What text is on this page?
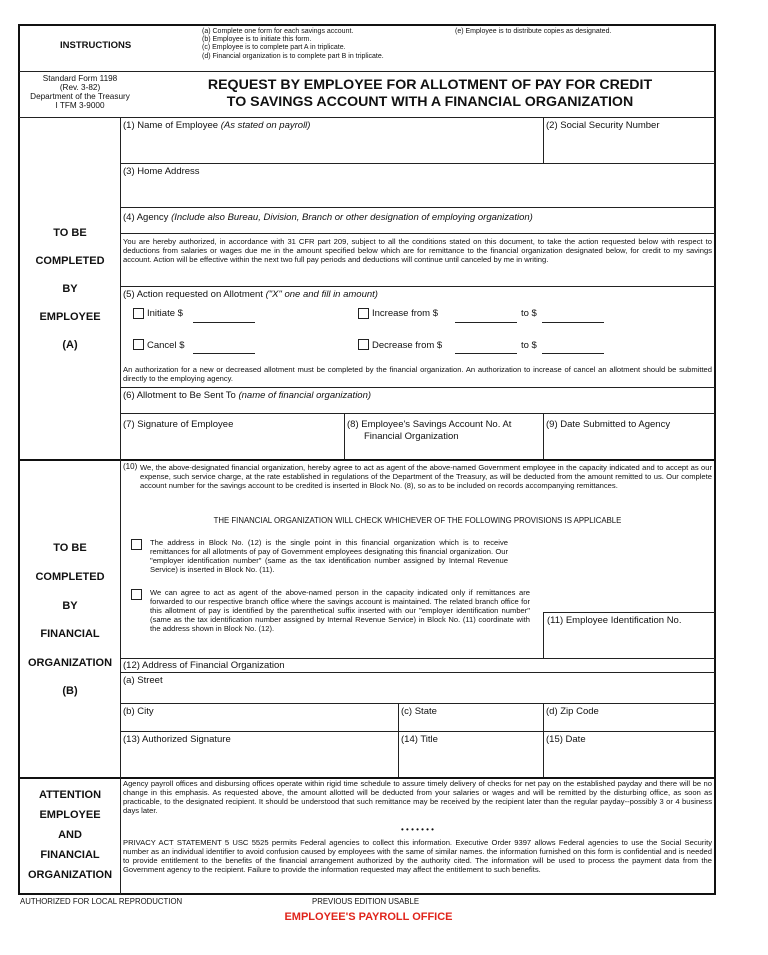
INSTRUCTIONS
(a) Complete one form for each savings account.
(b) Employee is to initiate this form.
(c) Employee is to complete part A in triplicate.
(d) Financial organization is to complete part B in triplicate.
(e) Employee is to distribute copies as designated.
Standard Form 1198
(Rev. 3-82)
Department of the Treasury
I TFM 3-9000
REQUEST BY EMPLOYEE FOR ALLOTMENT OF PAY FOR CREDIT
TO SAVINGS ACCOUNT WITH A FINANCIAL ORGANIZATION
TO BE
COMPLETED
BY
EMPLOYEE
(A)
(1) Name of Employee (As stated on payroll)	(2) Social Security Number
(3) Home Address
(4) Agency (Include also Bureau, Division, Branch or other designation of employing organization)
You are hereby authorized, in accordance with 31 CFR part 209, subject to all the conditions stated on this document, to take the action requested below with respect to deductions from salaries or wages due me in the amount specified below which are for remittance to the financial organization designated below, for credit to my savings account. Action will be effective within the next two full pay periods and deductions will continue until canceled by me in writing.
(5) Action requested on Allotment ("X" one and fill in amount)
Initiate $	Increase from $	to $
Cancel $	Decrease from $	to $
An authorization for a new or decreased allotment must be completed by the financial organization. An authorization to increase of cancel an allotment should be submitted directly to the employing agency.
(6) Allotment to Be Sent To (name of financial organization)
(7) Signature of Employee	(8) Employee's Savings Account No. At
Financial Organization
(9) Date Submitted to Agency
TO BE
COMPLETED
BY
FINANCIAL
ORGANIZATION
(B)
(10) We, the above-designated financial organization, hereby agree to act as agent of the above-named Government employee in the capacity indicated and to accept as our expense, such service charge, at the rate established in regulations of the Department of the Treasury, as will be deducted from the amount remitted to us. Our complete account number for the savings account to be credited is inserted in Block No. (8), so as to be included on records accompanying remittances.
THE FINANCIAL ORGANIZATION WILL CHECK WHICHEVER OF THE FOLLOWING PROVISIONS IS APPLICABLE
The address in Block No. (12) is the single point in this financial organization which is to receive remittances for all allotments of pay of Government employees designating this financial organization. Our "employer identification number" (same as the tax identification number assigned by Internal Revenue Service) is inserted in Block No. (11).
We can agree to act as agent of the above-named person in the capacity indicated only if remittances are forwarded to our respective branch office where the savings account is maintained. The related branch office for this allotment of pay is identified by the parenthetical suffix inserted with our "employer identification number" (same as the tax identification number assigned by Internal Revenue Service) in Block No. (11) coordinate with the address shown in Block No. (12).
(11) Employee Identification No.
(12) Address of Financial Organization
(a) Street
(b) City	(c) State	(d) Zip Code
(13) Authorized Signature	(14) Title	(15) Date
ATTENTION
EMPLOYEE
AND
FINANCIAL
ORGANIZATION
Agency payroll offices and disbursing offices operate within rigid time schedule to assure timely delivery of checks for net pay on the established payday and there will be no change in this emphasis. As requested above, the amount allotted will be deducted from your salaries or wages and will be remitted by the disturbing office, as soon as practicable, to the designated recipient. It should be understood that such remittance may be received by the recipient later than the regular payday--possibly 3 or 4 business days later.
• • • • • • •
PRIVACY ACT STATEMENT 5 USC 5525 permits Federal agencies to collect this information. Executive Order 9397 allows Federal agencies to use the Social Security number as an individual identifier to avoid confusion caused by employees with the same of similar names. the information furnished on this form is confidential and is needed to provide entitlement to the benefits of the financial arrangement authorized by the authority cited. The information will be used to process the payment data from the Government agency to the recipient. Failure to provide the information requested may affect the entitlement to such benefits.
AUTHORIZED FOR LOCAL REPRODUCTION	PREVIOUS EDITION USABLE
EMPLOYEE'S PAYROLL OFFICE
